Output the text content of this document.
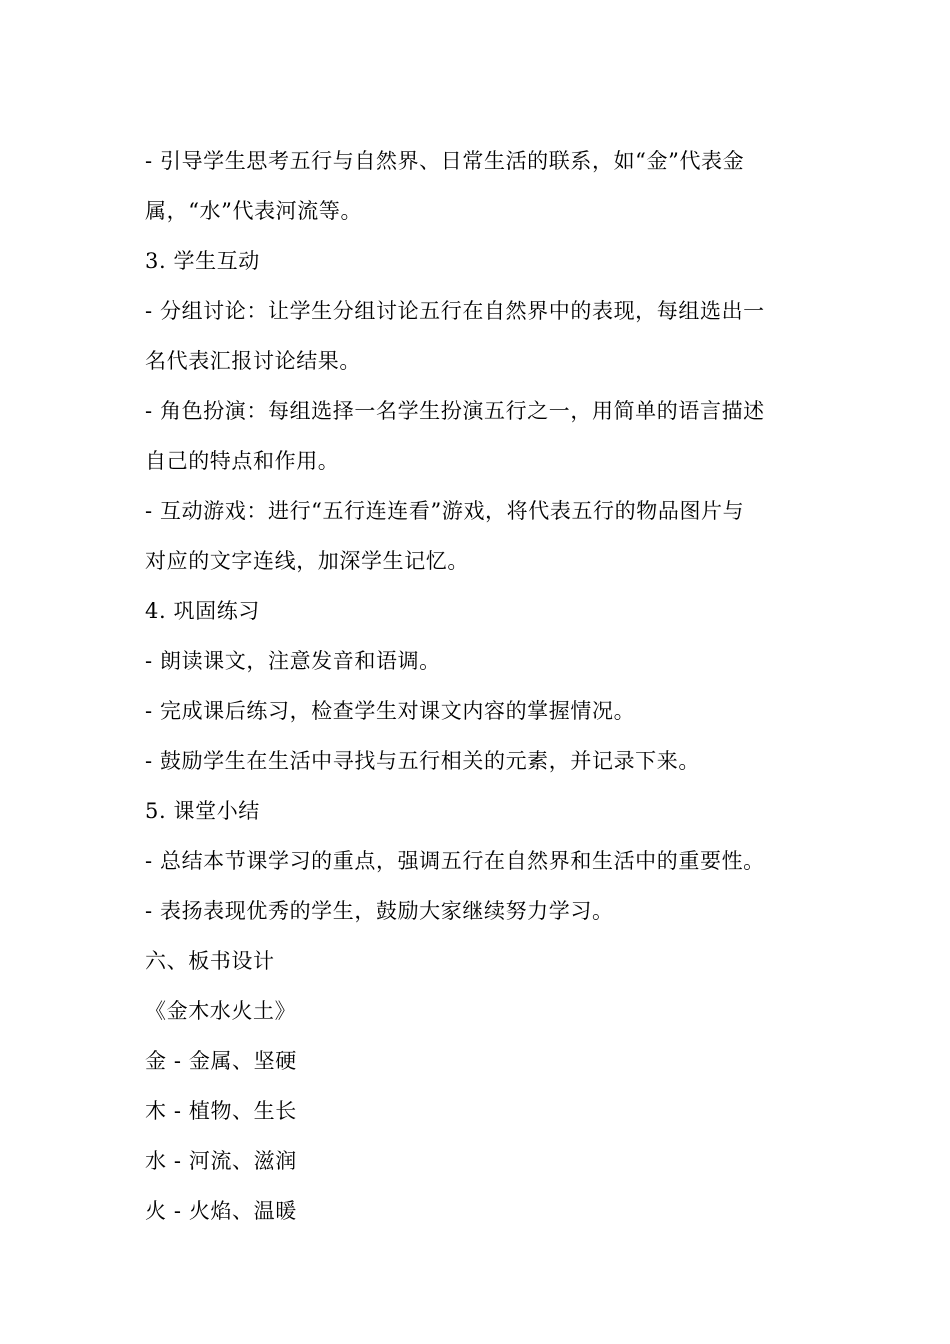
- 引导学生思考五行与自然界、日常生活的联系，如“金”代表金
属，“水”代表河流等。
3. 学生互动
- 分组讨论：让学生分组讨论五行在自然界中的表现，每组选出一
名代表汇报讨论结果。
- 角色扮演：每组选择一名学生扮演五行之一，用简单的语言描述
自己的特点和作用。
- 互动游戏：进行“五行连连看”游戏，将代表五行的物品图片与
对应的文字连线，加深学生记忆。
4. 巩固练习
- 朗读课文，注意发音和语调。
- 完成课后练习，检查学生对课文内容的掌握情况。
- 鼓励学生在生活中寻找与五行相关的元素，并记录下来。
5. 课堂小结
- 总结本节课学习的重点，强调五行在自然界和生活中的重要性。
- 表扬表现优秀的学生，鼓励大家继续努力学习。
六、板书设计
《金木水火土》
金 - 金属、坚硬
木 - 植物、生长
水 - 河流、滋润
火 - 火焰、温暖
